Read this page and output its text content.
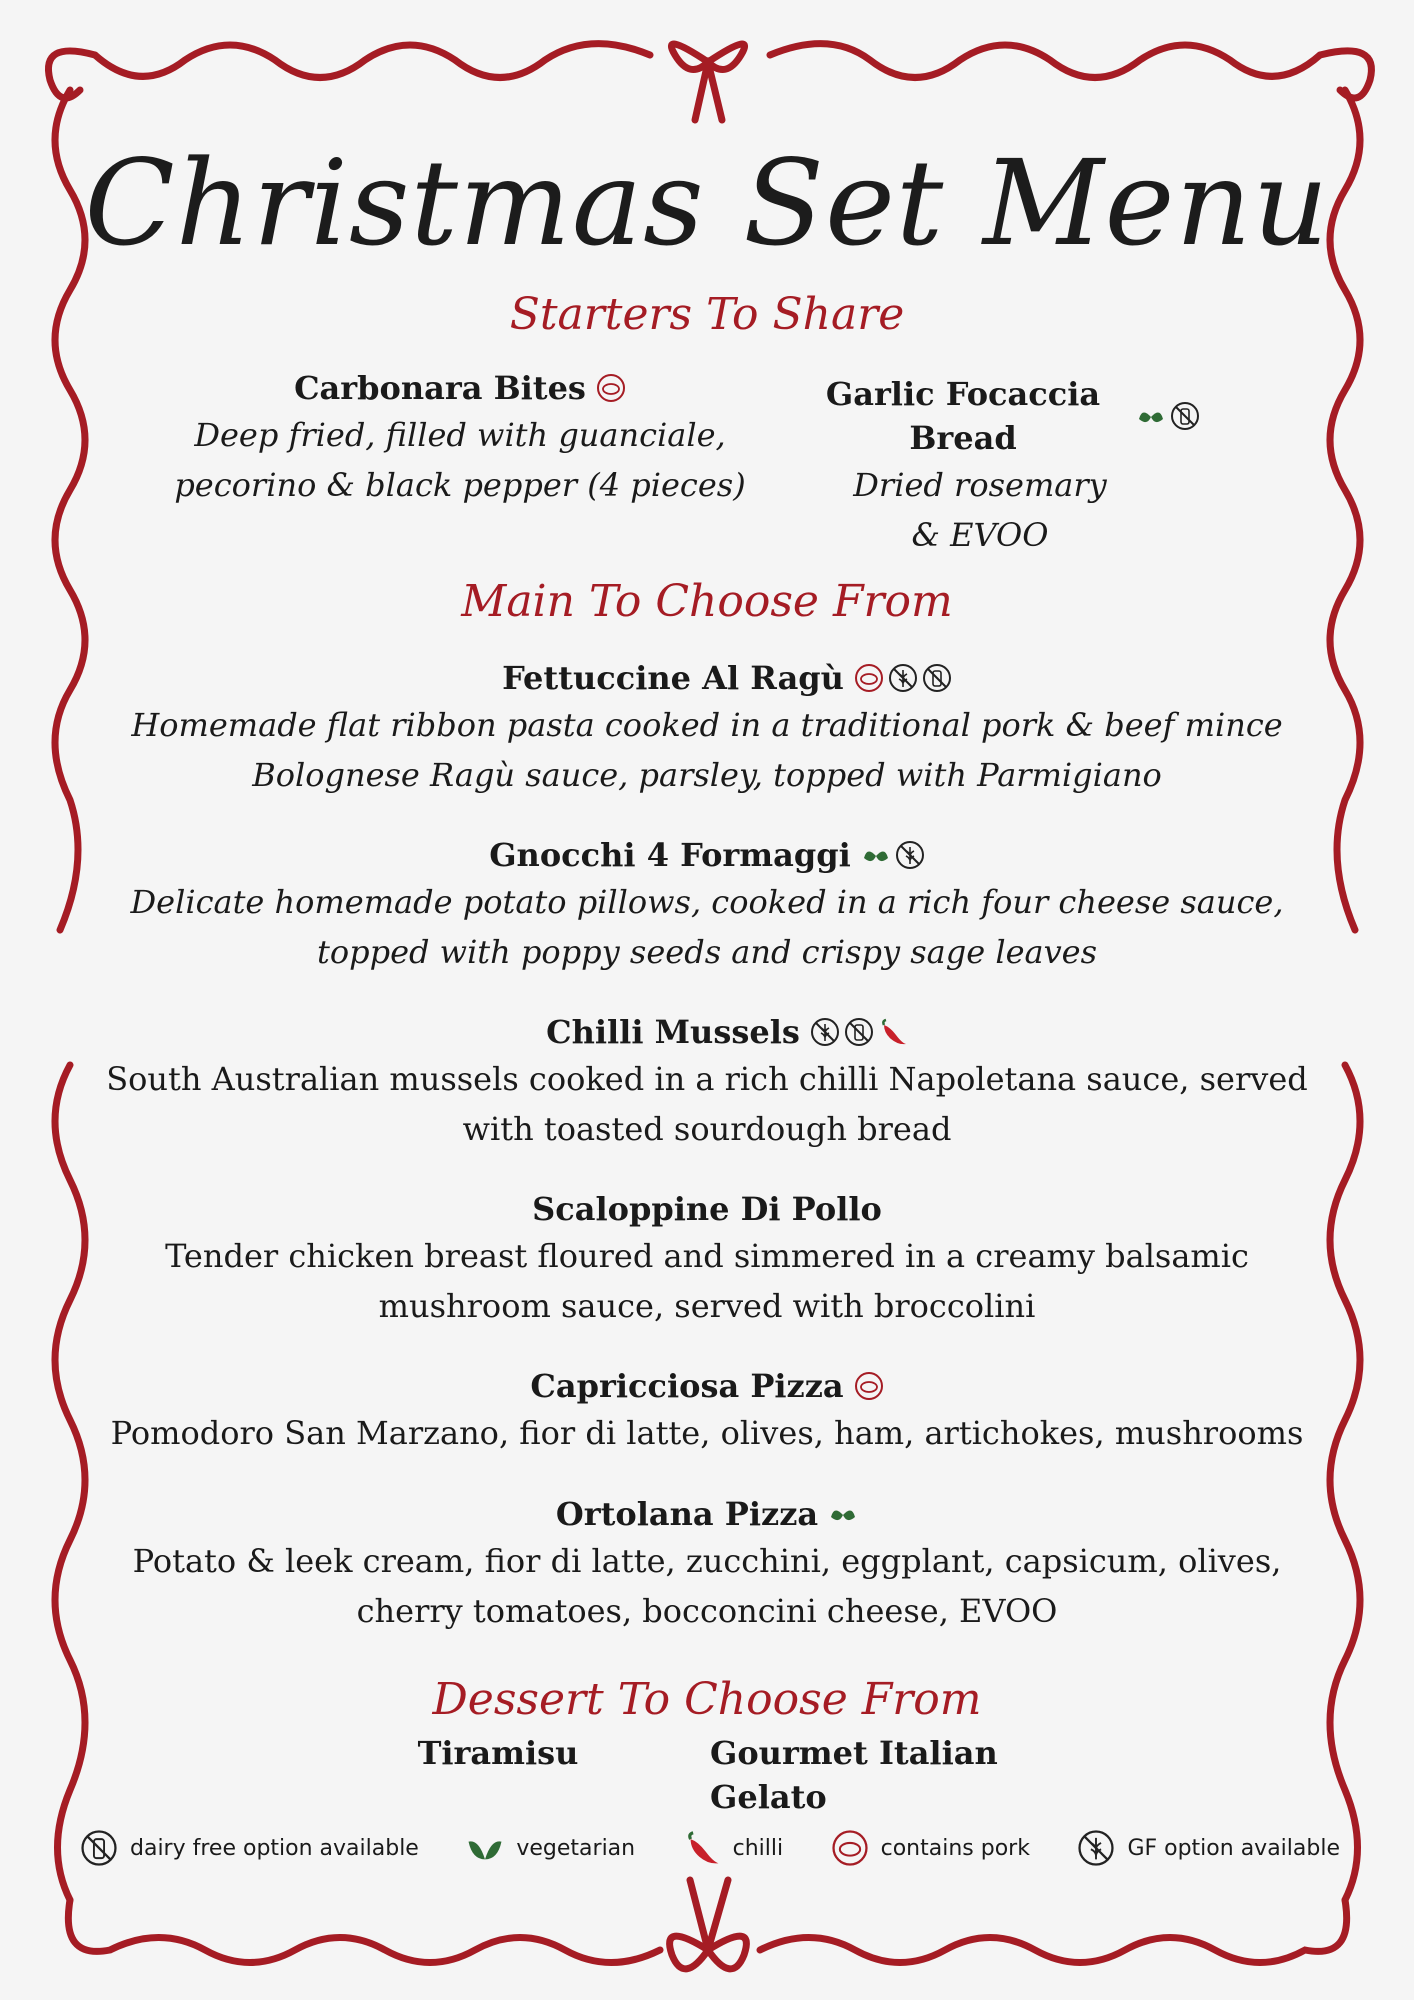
Christmas Set Menu
Starters To Share
Carbonara Bites
Deep fried, filled with guanciale,
pecorino & black pepper (4 pieces)
Garlic Focaccia Bread
Dried rosemary
& EVOO
Main To Choose From
Fettuccine Al Ragù
Homemade flat ribbon pasta cooked in a traditional pork & beef mince
Bolognese Ragù sauce, parsley, topped with Parmigiano
Gnocchi 4 Formaggi
Delicate homemade potato pillows, cooked in a rich four cheese sauce,
topped with poppy seeds and crispy sage leaves
Chilli Mussels
South Australian mussels cooked in a rich chilli Napoletana sauce, served
with toasted sourdough bread
Scaloppine Di Pollo
Tender chicken breast floured and simmered in a creamy balsamic
mushroom sauce, served with broccolini
Capricciosa Pizza
Pomodoro San Marzano, fior di latte, olives, ham, artichokes, mushrooms
Ortolana Pizza
Potato & leek cream, fior di latte, zucchini, eggplant, capsicum, olives,
cherry tomatoes, bocconcini cheese, EVOO
Dessert To Choose From
Tiramisu	Gourmet Italian Gelato
dairy free option available	vegetarian	chilli	contains pork	GF option available
